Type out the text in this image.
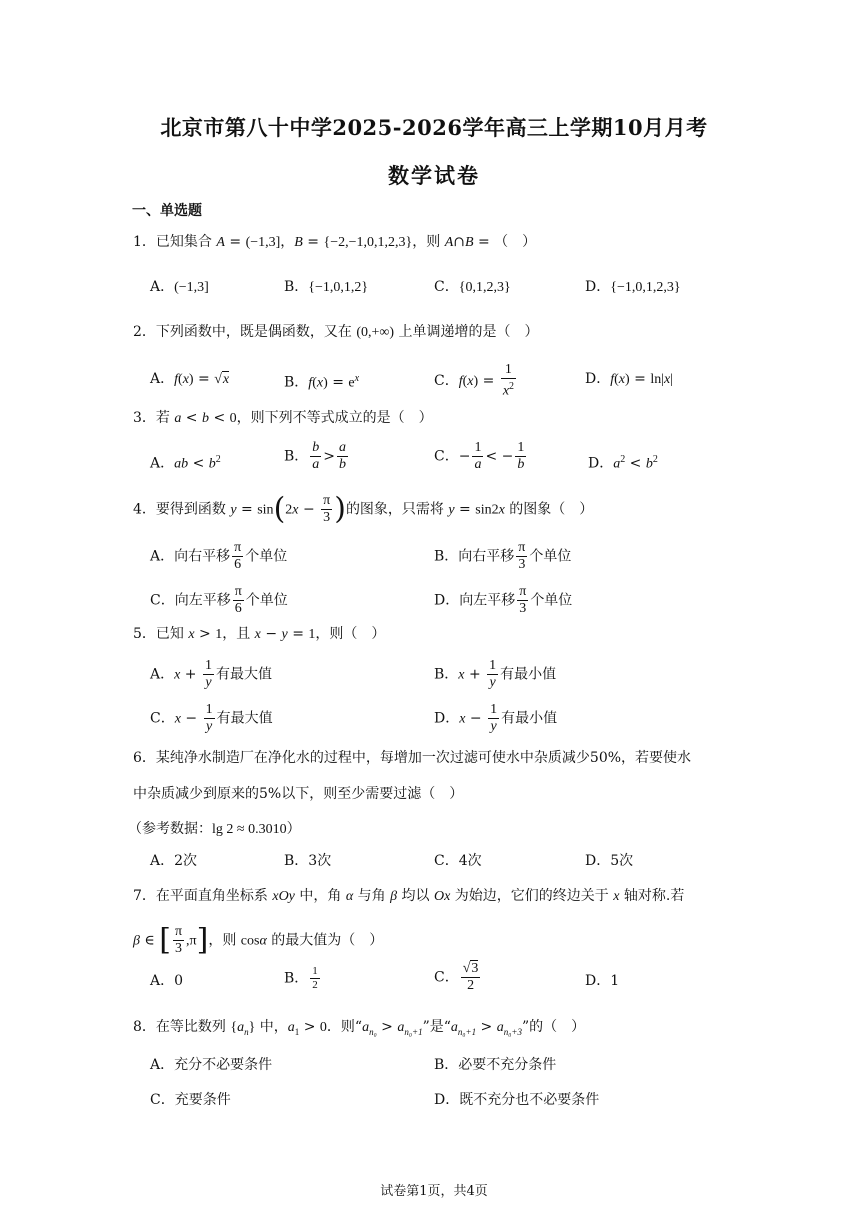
北京市第八十中学2025-2026学年高三上学期10月月考
数学试卷
一、单选题
1．已知集合 A = (−1,3]，B = {−2,−1,0,1,2,3}，则 A∩B = （　）
A．(−1,3]	B．{−1,0,1,2}	C．{0,1,2,3}	D．{−1,0,1,2,3}
2．下列函数中，既是偶函数，又在 (0,+∞) 上单调递增的是（　）
A．f(x) = √x	B．$f(x) = e^x$	C．$f(x) = \frac{1}{x^2}$	D．f(x) = ln|x|
3．若 a < b < 0，则下列不等式成立的是（　）
A．ab < $b^2$	B． $\frac{b}{a} > \frac{a}{b}$	C．− $\frac{1}{a}$ < − $\frac{1}{b}$	D．$a^2 < b^2$
4．要得到函数 $y = \sin(2x - \frac{\pi}{3}$ )的图象，只需将 y = sin2x 的图象（　）
A．向右平移 $\frac{\pi}{6}$ 个单位	B．向右平移 $\frac{\pi}{3}$ 个单位
C．向左平移 $\frac{\pi}{6}$ 个单位	D．向左平移 $\frac{\pi}{3}$ 个单位
5．已知 x > 1，且 x − y = 1，则（　）
A．$x + \frac{1}{y}$ 有最大值	B．$x + \frac{1}{y}$ 有最小值
C．$x - \frac{1}{y}$ 有最大值	D．$x - \frac{1}{y}$ 有最小值
6．某纯净水制造厂在净化水的过程中，每增加一次过滤可使水中杂质减少50%，若要使水
中杂质减少到原来的5%以下，则至少需要过滤（　）
（参考数据：lg 2 ≈ 0.3010）
A．2次	B．3次	C．4次	D．5次
7．在平面直角坐标系 xOy 中，角 α 与角 β 均以 Ox 为始边，它们的终边关于 x 轴对称.若
β ∈ [ $\frac{\pi}{3} ,\pi$]，则 cosα 的最大值为（　）
A．0	B． $\frac{1}{2}$	C． $\frac{√3}{2}$	D．1
8．在等比数列 $\{a_n\}$ 中，$a_1 > 0$．则“$a_{n_0} > a_{n_0+1}$”是“$a_{n_0+1} > a_{n_0+3}$”的（　）
A．充分不必要条件	B．必要不充分条件
C．充要条件	D．既不充分也不必要条件
试卷第1页，共4页
